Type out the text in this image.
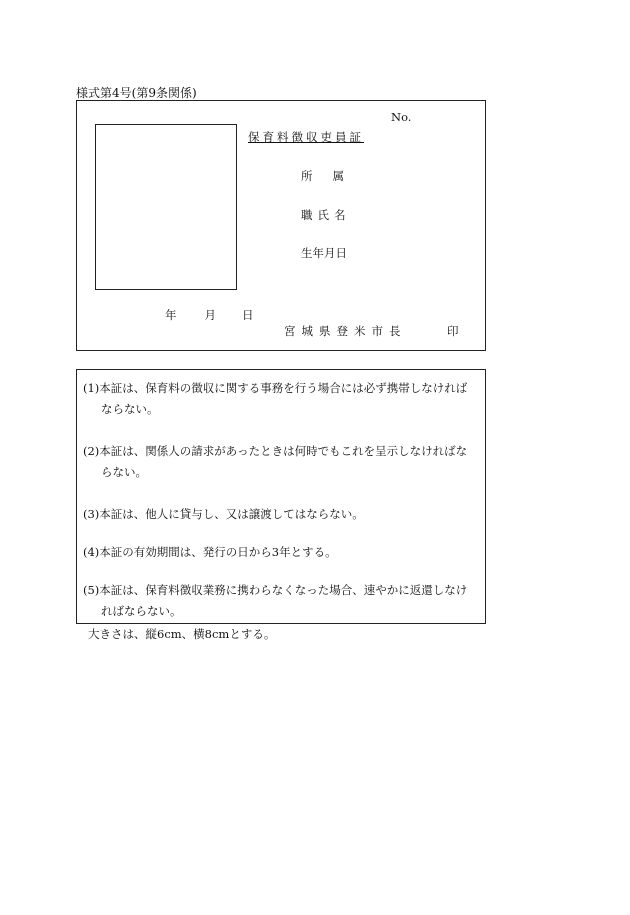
様式第4号(第9条関係)
No.
保育料徴収吏員証
所属
職氏名
生年月日
年 月 日
宮城県登米市長	印
(1)本証は、保育料の徴収に関する事務を行う場合には必ず携帯しなければ
ならない。
(2)本証は、関係人の請求があったときは何時でもこれを呈示しなければな
らない。
(3)本証は、他人に貸与し、又は譲渡してはならない。
(4)本証の有効期間は、発行の日から3年とする。
(5)本証は、保育料徴収業務に携わらなくなった場合、速やかに返還しなけ
ればならない。
大きさは、縦6cm、横8cmとする。
